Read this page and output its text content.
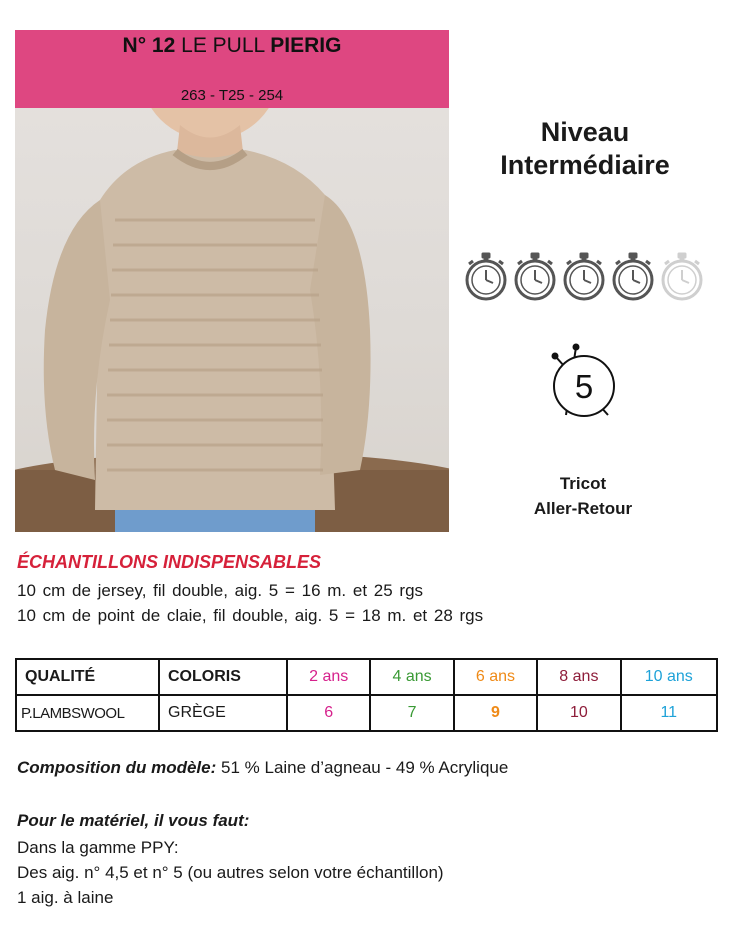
N° 12 LE PULL PIERIG
263 - T25 - 254
Niveau
Intermédiaire
5
Tricot
Aller-Retour
ÉCHANTILLONS INDISPENSABLES
10 cm de jersey, fil double, aig. 5 = 16 m. et 25 rgs
10 cm de point de claie, fil double, aig. 5 = 18 m. et 28 rgs
QUALITÉ	COLORIS	2 ans	4 ans	6 ans	8 ans	10 ans
P.LAMBSWOOL	GRÈGE	6	7	9	10	11
Composition du modèle: 51 % Laine d’agneau - 49 % Acrylique
Pour le matériel, il vous faut:
Dans la gamme PPY:
Des aig. n° 4,5 et n° 5 (ou autres selon votre échantillon)
1 aig. à laine
